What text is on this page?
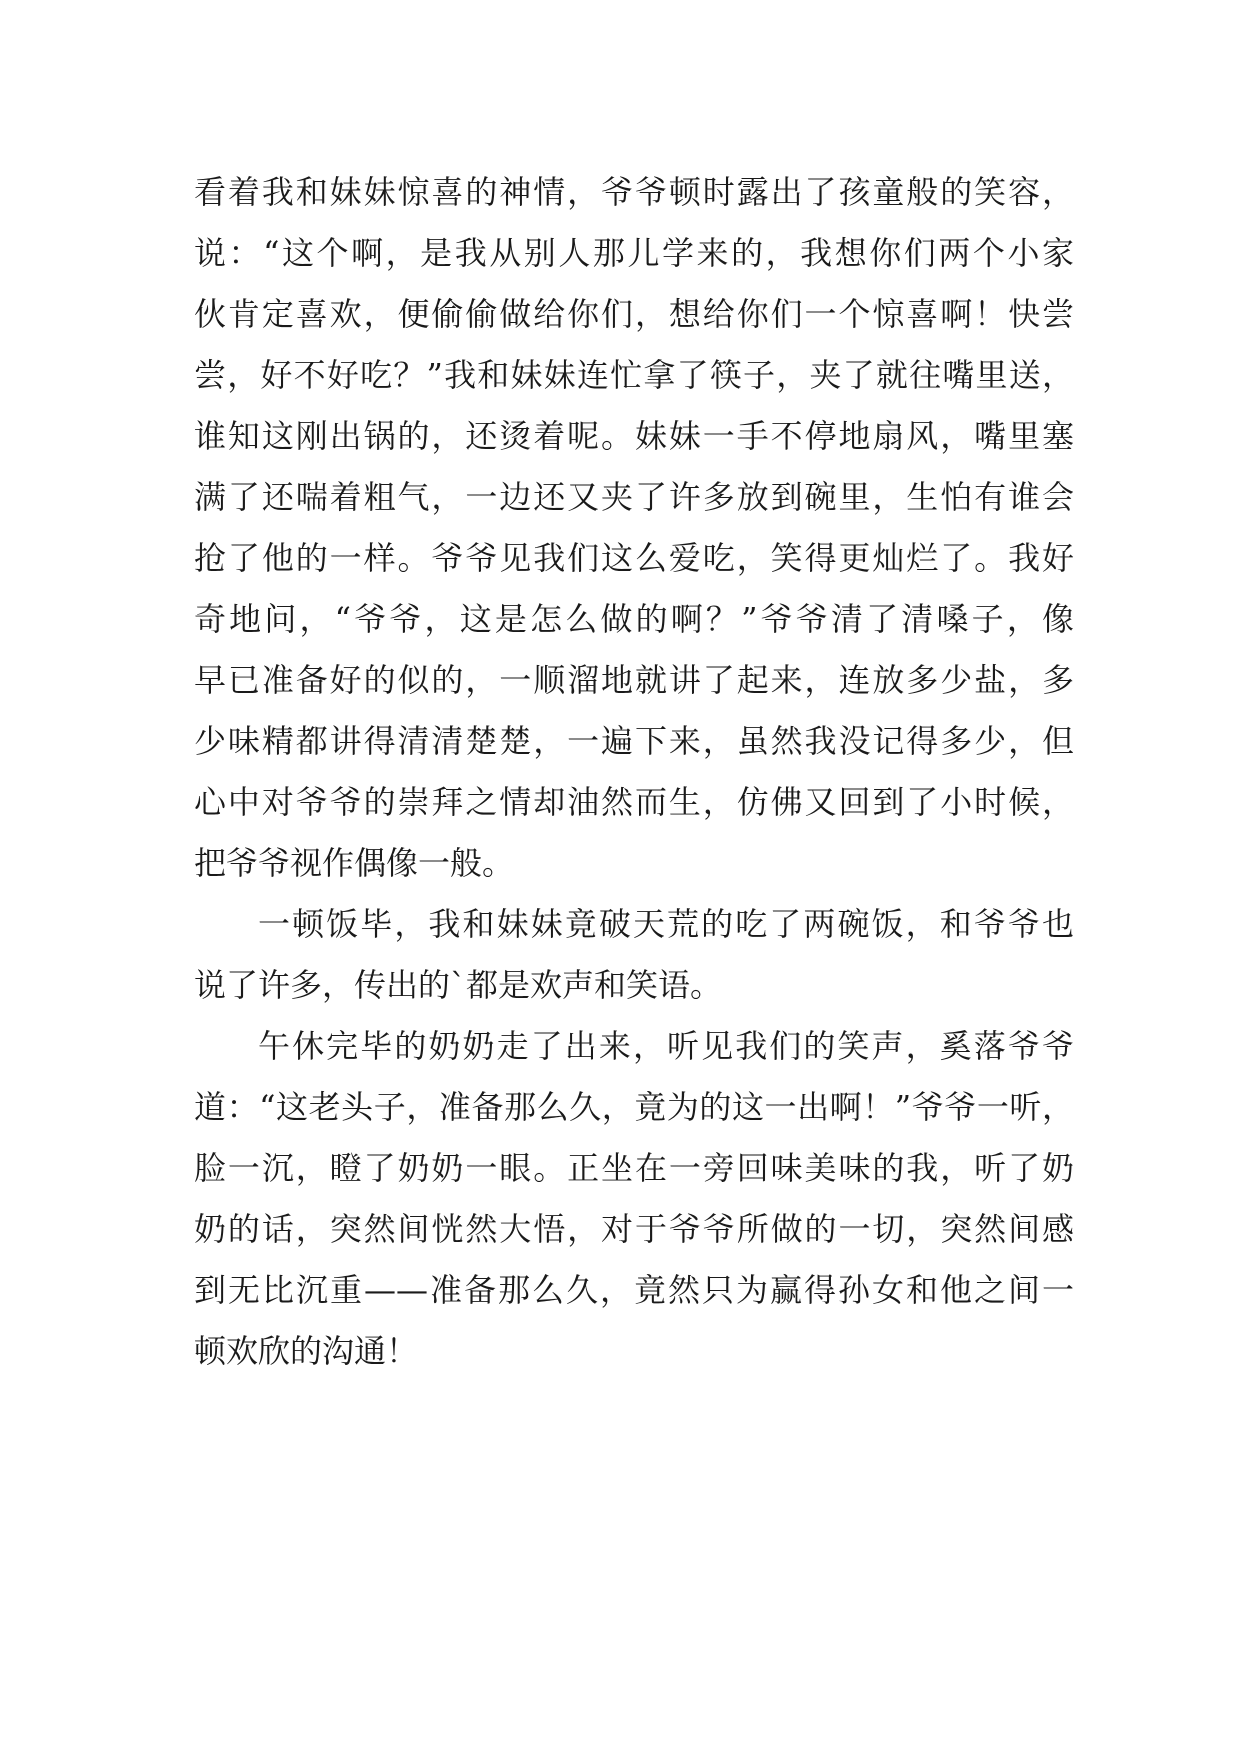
看着我和妹妹惊喜的神情，爷爷顿时露出了孩童般的笑容，
说：“这个啊，是我从别人那儿学来的，我想你们两个小家
伙肯定喜欢，便偷偷做给你们，想给你们一个惊喜啊！快尝
尝，好不好吃？”我和妹妹连忙拿了筷子，夹了就往嘴里送，
谁知这刚出锅的，还烫着呢。妹妹一手不停地扇风，嘴里塞
满了还喘着粗气，一边还又夹了许多放到碗里，生怕有谁会
抢了他的一样。爷爷见我们这么爱吃，笑得更灿烂了。我好
奇地问，“爷爷，这是怎么做的啊？”爷爷清了清嗓子，像
早已准备好的似的，一顺溜地就讲了起来，连放多少盐，多
少味精都讲得清清楚楚，一遍下来，虽然我没记得多少，但
心中对爷爷的崇拜之情却油然而生，仿佛又回到了小时候，
把爷爷视作偶像一般。
一顿饭毕，我和妹妹竟破天荒的吃了两碗饭，和爷爷也
说了许多，传出的`都是欢声和笑语。
午休完毕的奶奶走了出来，听见我们的笑声，奚落爷爷
道：“这老头子，准备那么久，竟为的这一出啊！”爷爷一听，
脸一沉，瞪了奶奶一眼。正坐在一旁回味美味的我，听了奶
奶的话，突然间恍然大悟，对于爷爷所做的一切，突然间感
到无比沉重——准备那么久，竟然只为赢得孙女和他之间一
顿欢欣的沟通！
